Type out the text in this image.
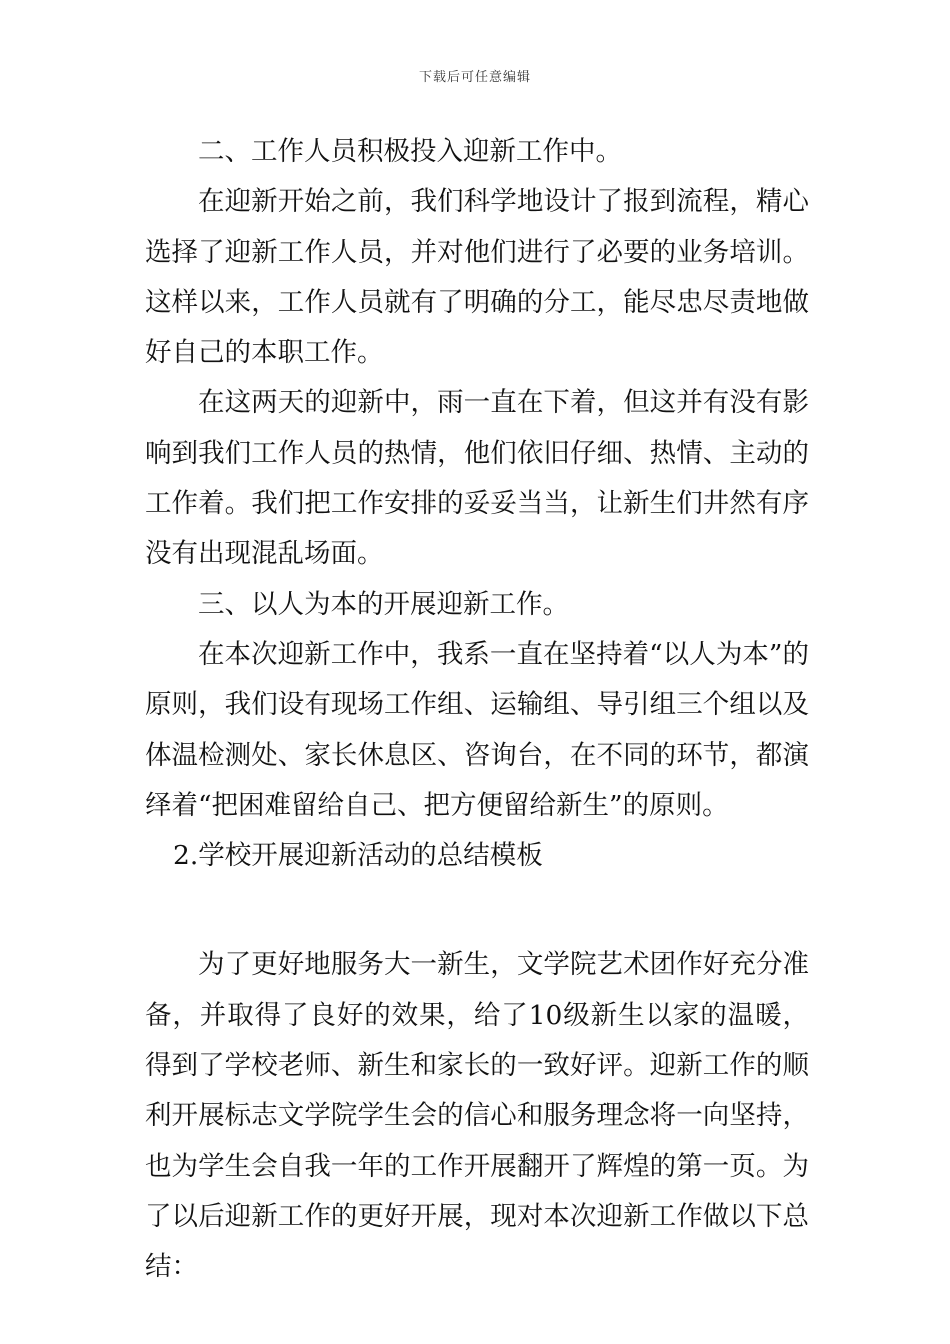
下载后可任意编辑

二、工作人员积极投入迎新工作中。

在迎新开始之前，我们科学地设计了报到流程，精心选择了迎新工作人员，并对他们进行了必要的业务培训。这样以来，工作人员就有了明确的分工，能尽忠尽责地做好自己的本职工作。

在这两天的迎新中，雨一直在下着，但这并有没有影响到我们工作人员的热情，他们依旧仔细、热情、主动的工作着。我们把工作安排的妥妥当当，让新生们井然有序没有出现混乱场面。

三、以人为本的开展迎新工作。

在本次迎新工作中，我系一直在坚持着“以人为本”的原则，我们设有现场工作组、运输组、导引组三个组以及体温检测处、家长休息区、咨询台，在不同的环节，都演绎着“把困难留给自己、把方便留给新生”的原则。

2.学校开展迎新活动的总结模板

为了更好地服务大一新生，文学院艺术团作好充分准备，并取得了良好的效果，给了10级新生以家的温暖，得到了学校老师、新生和家长的一致好评。迎新工作的顺利开展标志文学院学生会的信心和服务理念将一向坚持，也为学生会自我一年的工作开展翻开了辉煌的第一页。为了以后迎新工作的更好开展，现对本次迎新工作做以下总结：
